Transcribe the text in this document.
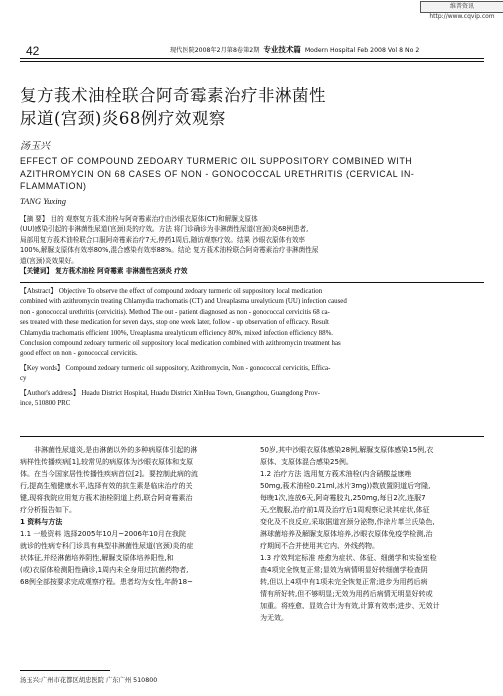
维普资讯 http://www.cqvip.com
42	现代医院2008年2月第8卷第2期 专业技术篇 Modern Hospital Feb 2008 Vol 8 No 2
复方莪术油栓联合阿奇霉素治疗非淋菌性
尿道(宫颈)炎68例疗效观察
汤玉兴
EFFECT OF COMPOUND ZEDOARY TURMERIC OIL SUPPOSITORY COMBINED WITH
AZITHROMYCIN ON 68 CASES OF NON - GONOCOCCAL URETHRITIS (CERVICAL IN-
FLAMMATION)
TANG Yuxing
【摘 要】 目的 观察复方莪术油栓与阿奇霉素治疗由沙眼衣原体(CT)和解脲支原体
(UU)感染引起的非淋菌性尿道(宫颈)炎的疗效。方法 将门诊确诊为非淋菌性尿道(宫颈)炎68例患者,
局部用复方莪术油栓联合口服阿奇霉素治疗7天,停药1周后,随访观察疗效。结果 沙眼衣原体有效率
100%,解脲支原体有效率80%,混合感染有效率88%。结论 复方莪术油栓联合阿奇霉素治疗非淋菌性尿
道(宫颈)炎效果好。
【关键词】 复方莪术油栓 阿奇霉素 非淋菌性宫颈炎 疗效
【Abstract】 Objective To observe the effect of compound zedoary turmeric oil suppository local medication
combined with azithromycin treating Chlamydia trachomatis (CT) and Ureaplasma urealyticum (UU) infection caused
non - gonococcal urethritis (cervicitis). Method The out - patient diagnosed as non - gonococcal cervicitis 68 ca-
ses treated with these medication for seven days, stop one week later, follow - up observation of efficacy. Result
Chlamydia trachomatis efficient 100%, Ureaplasma urealyticum efficiency 80%, mixed infection efficiency 88%.
Conclusion compound zedoary turmeric oil suppository local medication combined with azithromycin treatment has
good effect on non - gonococcal cervicitis.
【Key words】 Compound zedoary turmeric oil suppository, Azithromycin, Non - gonococcal cervicitis, Effica-
cy
【Author's address】 Huadu District Hospital, Huadu District XinHua Town, Guangzhou, Guangdong Prov-
ince, 510800 PRC

非淋菌性尿道炎,是由淋菌以外的多种病原体引起的淋

病样性传播疾病[1],较常见的病原体为沙眼衣原体和支原

体。在当今国家居性传播性疾病首位[2]。要控制此病的流

行,提高生殖健康水平,选择有效的抗生素是临床治疗的关

键,现将我院应用复方莪术油栓阴道上药,联合阿奇霉素治

疗分析报告如下。

1 资料与方法

1.1 一般资料 选择2005年10月~2006年10月在我院

就诊的性病专科门诊具有典型非淋菌性尿道(宫颈)炎的症

状体征,并经淋菌培养阴性,解脲支原体培养阳性,和

(或)衣原体检测阳性确诊,1周内未全身用过抗菌药物者,

68例全部按要求完成观察疗程。患者均为女性,年龄18~

50岁,其中沙眼衣原体感染28例,解脲支原体感染15例,衣

原体、支原体混合感染25例。

1.2 治疗方法 选用复方莪术油栓(内含硝酸益康唑

50mg,莪术油栓0.21ml,冰片3mg))数放置阴道后穹隆,

每晚1次,连放6天,阿奇霉胶丸,250mg,每日2次,连服7

天,空腹服,治疗前1周及治疗后1周观察记录其症状,体征

变化及不良反应,采取据道宫颈分泌物,作涂片革兰氏染色,

淋球菌培养及解脲支原体培养,沙眼衣原体免疫学检测,治

疗期间不合并使用其它内、外线药物。

1.3 疗效判定标准 痊愈为症状、体征、细菌学和实验室检

查4项完全恢复正常;显效为病情明显好转细菌学检查阴

转,但以上4项中有1项未完全恢复正常;进步为用药后病

情有所好转,但不够明显;无效为用药后病情无明显好转或

加重。将痊愈、显效合计为有效,计算有效率;进步、无效计

为无效。

汤玉兴:广州市花都区胡忠医院 广东广州 510800
